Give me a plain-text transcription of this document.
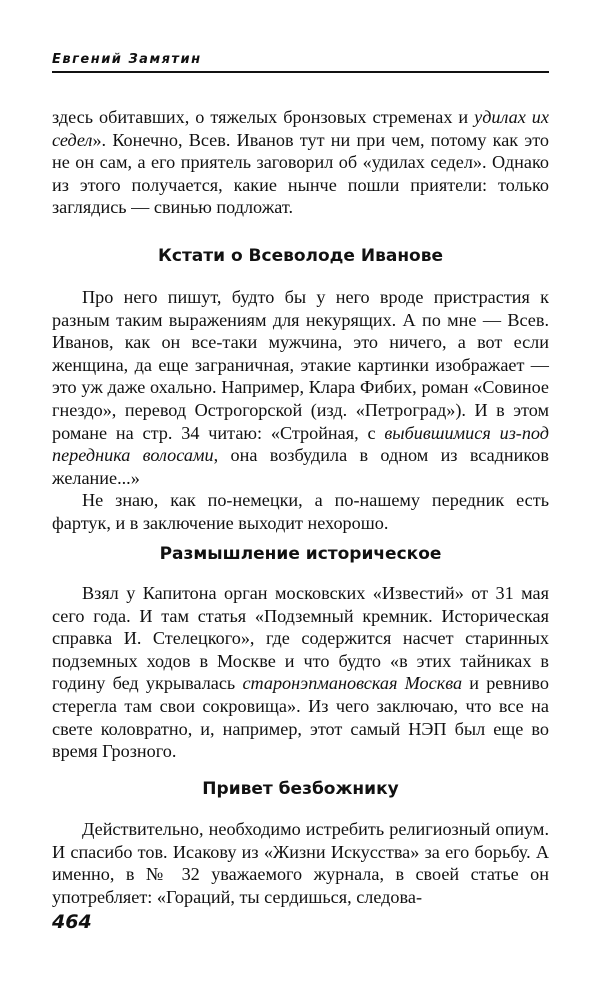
Евгений Замятин

здесь обитавших, о тяжелых бронзовых стременах и удилах их седел». Конечно, Всев. Иванов тут ни при чем, потому как это не он сам, а его приятель заговорил об «удилах седел». Однако из этого получается, какие нынче пошли приятели: только заглядись — свинью подложат.

Кстати о Всеволоде Иванове

Про него пишут, будто бы у него вроде пристрастия к разным таким выражениям для некурящих. А по мне — Всев. Иванов, как он все-таки мужчина, это ничего, а вот если женщина, да еще заграничная, этакие картинки изображает — это уж даже охально. Например, Клара Фибих, роман «Совиное гнездо», перевод Острогорской (изд. «Петроград»). И в этом романе на стр. 34 читаю: «Стройная, с выбившимися из-под передника волосами, она возбудила в одном из всадников желание...»

Не знаю, как по-немецки, а по-нашему передник есть фартук, и в заключение выходит нехорошо.

Размышление историческое

Взял у Капитона орган московских «Известий» от 31 мая сего года. И там статья «Подземный кремник. Историческая справка И. Стелецкого», где содержится насчет старинных подземных ходов в Москве и что будто «в этих тайниках в годину бед укрывалась старонэпмановская Москва и ревниво стерегла там свои сокровища». Из чего заключаю, что все на свете коловратно, и, например, этот самый НЭП был еще во время Грозного.

Привет безбожнику

Действительно, необходимо истребить религиозный опиум. И спасибо тов. Исакову из «Жизни Искусства» за его борьбу. А именно, в № 32 уважаемого журнала, в своей статье он употребляет: «Гораций, ты сердишься, следова-

464
